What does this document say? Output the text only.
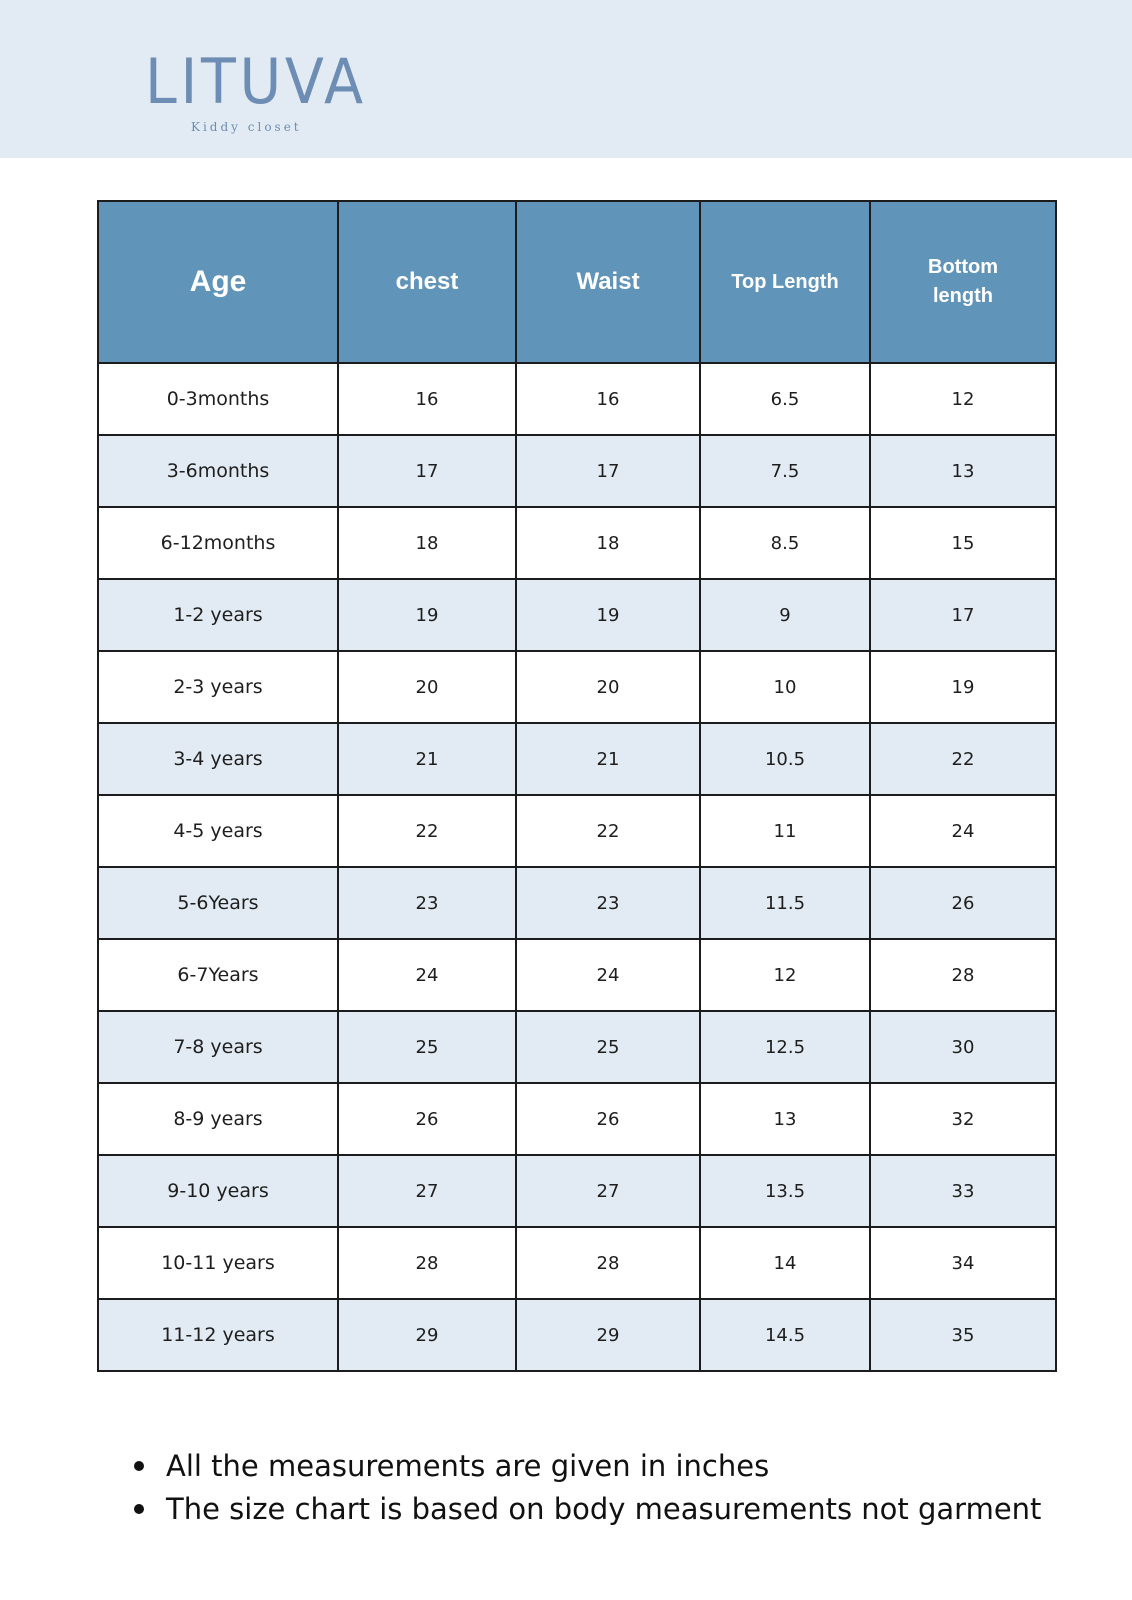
LITUVA
Kiddy closet
Age	chest	Waist	Top Length	Bottom length

0-3months	16	16	6.5	12
3-6months	17	17	7.5	13
6-12months	18	18	8.5	15
1-2 years	19	19	9	17
2-3 years	20	20	10	19
3-4 years	21	21	10.5	22
4-5 years	22	22	11	24
5-6Years	23	23	11.5	26
6-7Years	24	24	12	28
7-8 years	25	25	12.5	30
8-9 years	26	26	13	32
9-10 years	27	27	13.5	33
10-11 years	28	28	14	34
11-12 years	29	29	14.5	35
All the measurements are given in inches
The size chart is based on body measurements not garment
